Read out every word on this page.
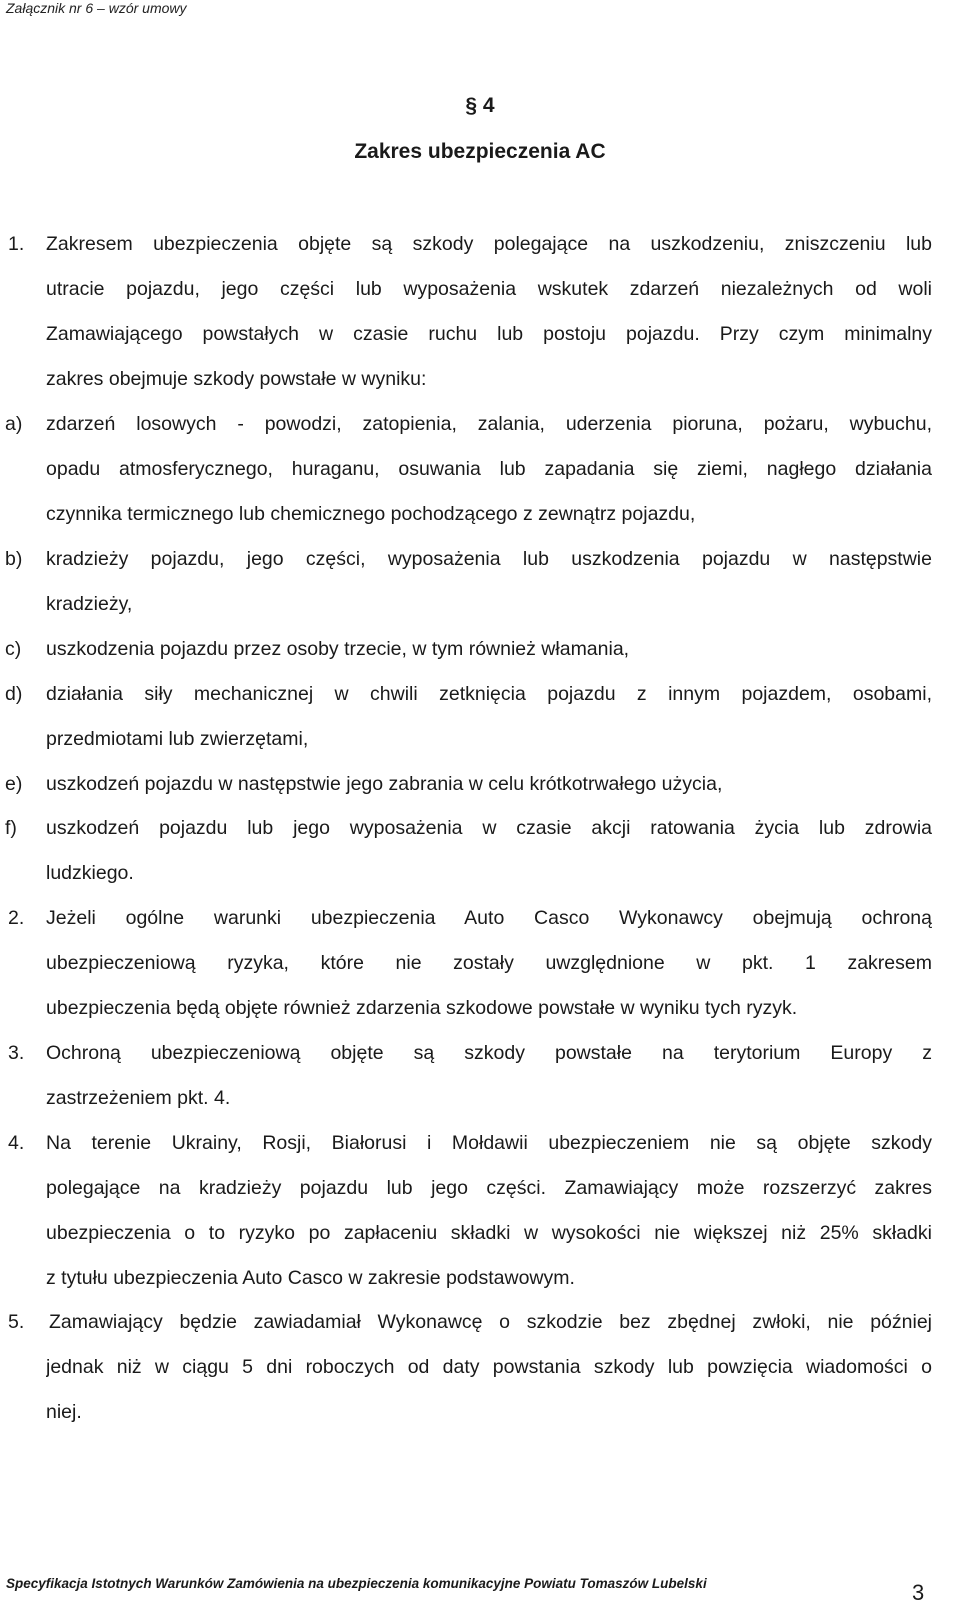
Załącznik nr 6 – wzór umowy
§ 4
Zakres ubezpieczenia AC
1. Zakresem ubezpieczenia objęte są szkody polegające na uszkodzeniu, zniszczeniu lub
utracie pojazdu, jego części lub wyposażenia wskutek zdarzeń niezależnych od woli
Zamawiającego powstałych w czasie ruchu lub postoju pojazdu. Przy czym minimalny
zakres obejmuje szkody powstałe w wyniku:
a) zdarzeń losowych - powodzi, zatopienia, zalania, uderzenia pioruna, pożaru, wybuchu,
opadu atmosferycznego, huraganu, osuwania lub zapadania się ziemi, nagłego działania
czynnika termicznego lub chemicznego pochodzącego z zewnątrz pojazdu,
b) kradzieży pojazdu, jego części, wyposażenia lub uszkodzenia pojazdu w następstwie
kradzieży,
c) uszkodzenia pojazdu przez osoby trzecie, w tym również włamania,
d) działania siły mechanicznej w chwili zetknięcia pojazdu z innym pojazdem, osobami,
przedmiotami lub zwierzętami,
e) uszkodzeń pojazdu w następstwie jego zabrania w celu krótkotrwałego użycia,
f) uszkodzeń pojazdu lub jego wyposażenia w czasie akcji ratowania życia lub zdrowia
ludzkiego.
2. Jeżeli ogólne warunki ubezpieczenia Auto Casco Wykonawcy obejmują ochroną
ubezpieczeniową ryzyka, które nie zostały uwzględnione w pkt. 1 zakresem
ubezpieczenia będą objęte również zdarzenia szkodowe powstałe w wyniku tych ryzyk.
3. Ochroną ubezpieczeniową objęte są szkody powstałe na terytorium Europy z
zastrzeżeniem pkt. 4.
4. Na terenie Ukrainy, Rosji, Białorusi i Mołdawii ubezpieczeniem nie są objęte szkody
polegające na kradzieży pojazdu lub jego części. Zamawiający może rozszerzyć zakres
ubezpieczenia o to ryzyko po zapłaceniu składki w wysokości nie większej niż 25% składki
z tytułu ubezpieczenia Auto Casco w zakresie podstawowym.
5. Zamawiający będzie zawiadamiał Wykonawcę o szkodzie bez zbędnej zwłoki, nie później
jednak niż w ciągu 5 dni roboczych od daty powstania szkody lub powzięcia wiadomości o
niej.
Specyfikacja Istotnych Warunków Zamówienia na ubezpieczenia komunikacyjne Powiatu Tomaszów Lubelski	3
